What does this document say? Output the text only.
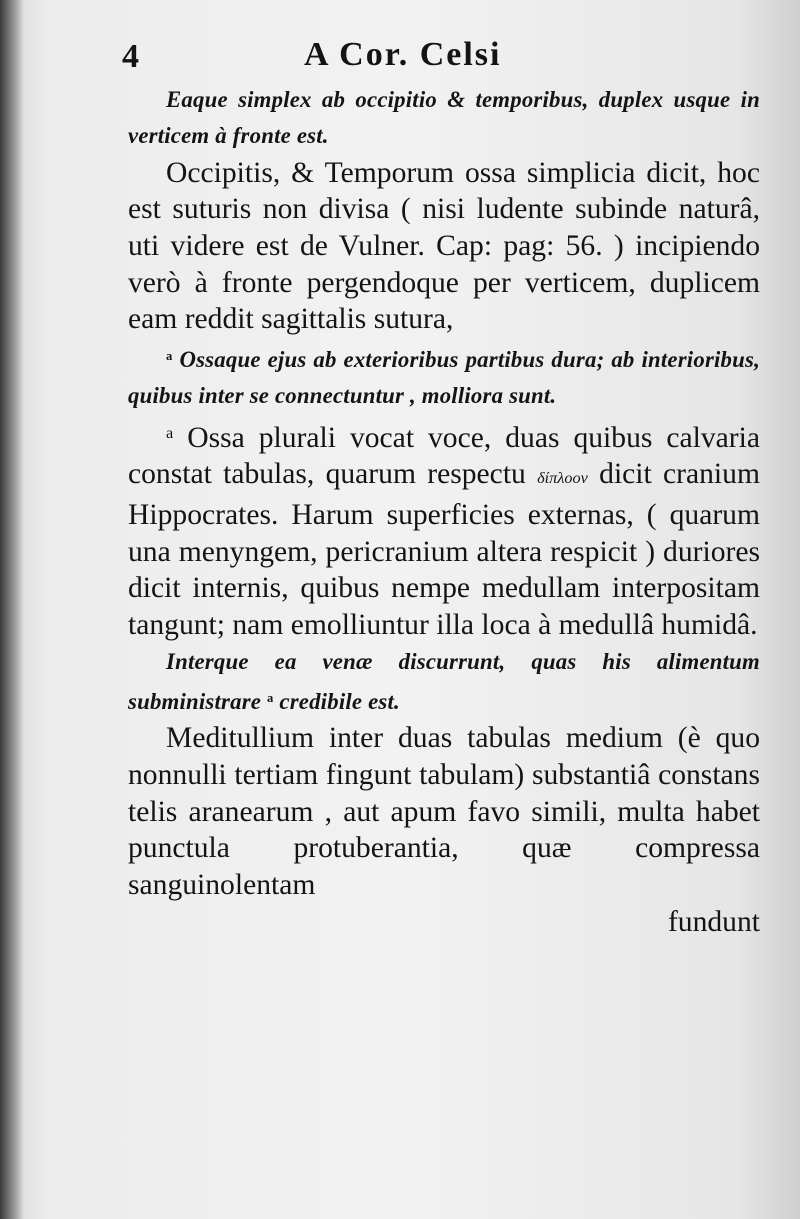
4	A Cor. Celsi

Eaque simplex ab occipitio & temporibus, duplex usque in verticem à fronte est.

Occipitis, & Temporum ossa simplicia dicit, hoc est suturis non divisa ( nisi ludente subinde naturâ, uti videre est de Vulner. Cap: pag: 56. ) incipiendo verò à fronte pergendoque per verticem, duplicem eam reddit sagittalis sutura,

$^a$ Ossaque ejus ab exterioribus partibus dura; ab interioribus, quibus inter se connectuntur , molliora sunt.

$^a$ Ossa plurali vocat voce, duas quibus calvaria constat tabulas, quarum respectu δίπλοον dicit cranium Hippocrates. Harum superficies externas, ( quarum una menyngem, pericranium altera respicit ) duriores dicit internis, quibus nempe medullam interpositam tangunt; nam emolliuntur illa loca à medullâ humidâ.

Interque ea venæ discurrunt, quas his alimentum subministrare $^a$ credibile est.

Meditullium inter duas tabulas medium (è quo nonnulli tertiam fingunt tabulam) substantiâ constans telis aranearum , aut apum favo simili, multa habet punctula protuberantia, quæ compressa sanguinolentam

fundunt
